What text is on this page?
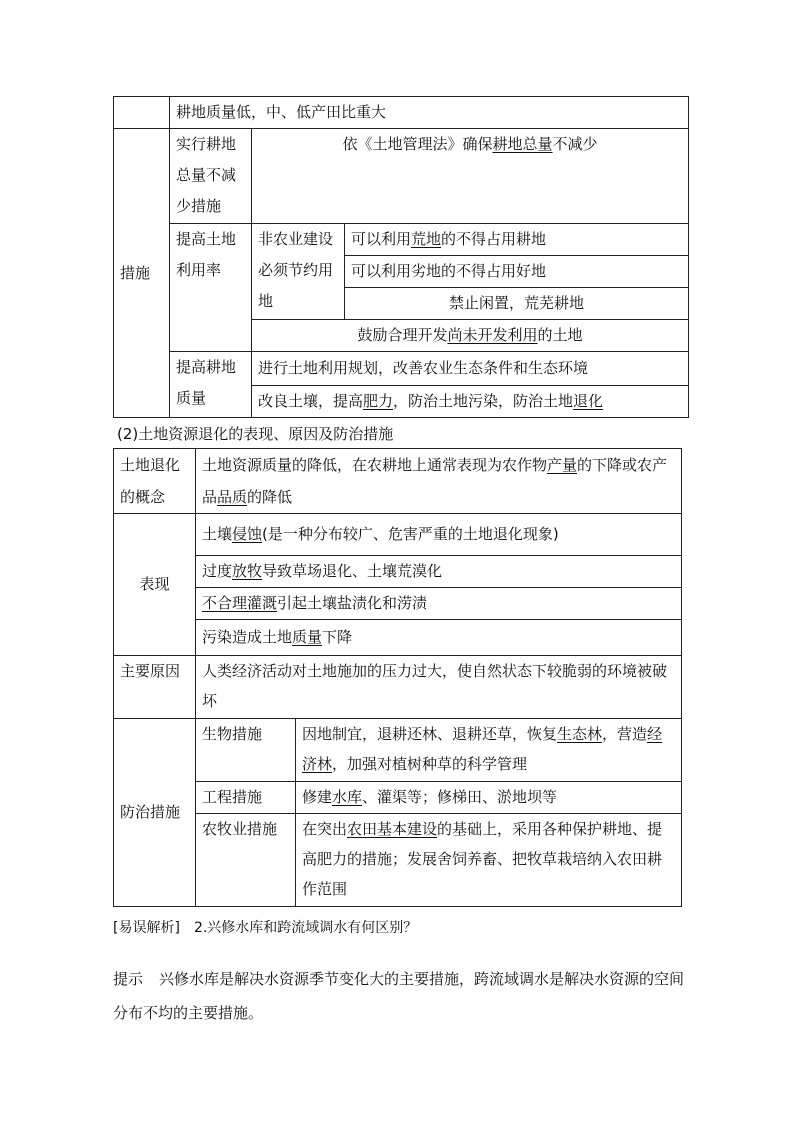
	耕地质量低，中、低产田比重大		
措施	实行耕地总量不减少措施	依《土地管理法》确保耕地总量不减少	
	提高土地利用率	非农业建设必须节约用地	可以利用荒地的不得占用耕地
			可以利用劣地的不得占用好地
			禁止闲置，荒芜耕地
		鼓励合理开发尚未开发利用的土地	
	提高耕地质量	进行土地利用规划，改善农业生态条件和生态环境	
		改良土壤，提高肥力，防治土地污染，防治土地退化	
(2)土地资源退化的表现、原因及防治措施
土地退化的概念	土地资源质量的降低，在农耕地上通常表现为农作物产量的下降或农产品品质的降低	
表现	土壤侵蚀(是一种分布较广、危害严重的土地退化现象)	
	过度放牧导致草场退化、土壤荒漠化	
	不合理灌溉引起土壤盐渍化和涝渍	
	污染造成土地质量下降	
主要原因	人类经济活动对土地施加的压力过大，使自然状态下较脆弱的环境被破坏	
防治措施	生物措施	因地制宜，退耕还林、退耕还草，恢复生态林，营造经济林，加强对植树种草的科学管理
	工程措施	修建水库、灌渠等；修梯田、淤地坝等
	农牧业措施	在突出农田基本建设的基础上，采用各种保护耕地、提高肥力的措施；发展舍饲养畜、把牧草栽培纳入农田耕作范围
[易误解析] 2.兴修水库和跨流域调水有何区别？
提示 兴修水库是解决水资源季节变化大的主要措施，跨流域调水是解决水资源的空间分布不均的主要措施。
